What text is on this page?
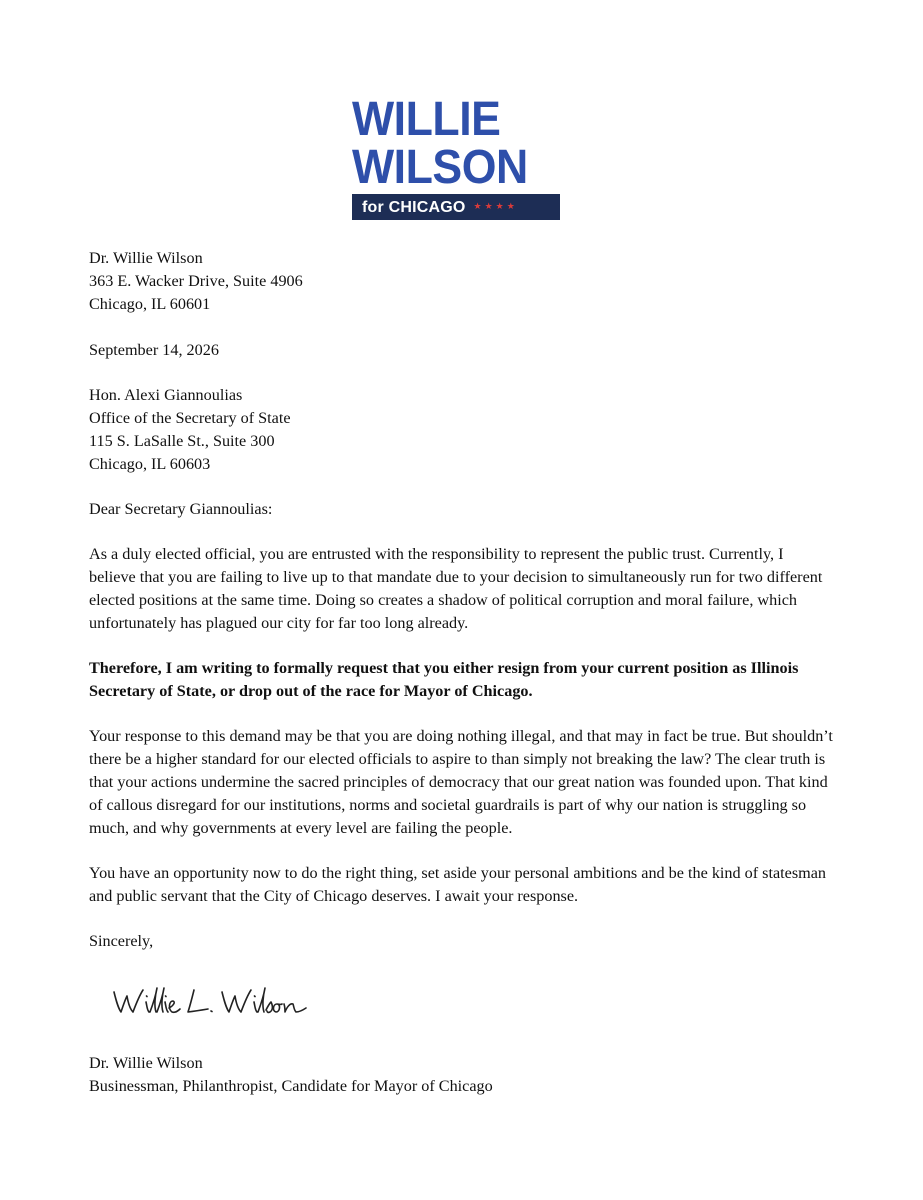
WILLIE
WILSON
for CHICAGO ★★★★
Dr. Willie Wilson
363 E. Wacker Drive, Suite 4906
Chicago, IL 60601
September 14, 2026
Hon. Alexi Giannoulias
Office of the Secretary of State
115 S. LaSalle St., Suite 300
Chicago, IL 60603
Dear Secretary Giannoulias:

As a duly elected official, you are entrusted with the responsibility to represent the public trust. Currently, I believe that you are failing to live up to that mandate due to your decision to simultaneously run for two different elected positions at the same time. Doing so creates a shadow of political corruption and moral failure, which unfortunately has plagued our city for far too long already.

Therefore, I am writing to formally request that you either resign from your current position as Illinois Secretary of State, or drop out of the race for Mayor of Chicago.

Your response to this demand may be that you are doing nothing illegal, and that may in fact be true. But shouldn’t there be a higher standard for our elected officials to aspire to than simply not breaking the law? The clear truth is that your actions undermine the sacred principles of democracy that our great nation was founded upon. That kind of callous disregard for our institutions, norms and societal guardrails is part of why our nation is struggling so much, and why governments at every level are failing the people.

You have an opportunity now to do the right thing, set aside your personal ambitions and be the kind of statesman and public servant that the City of Chicago deserves. I await your response.

Sincerely,
Dr. Willie Wilson
Businessman, Philanthropist, Candidate for Mayor of Chicago
